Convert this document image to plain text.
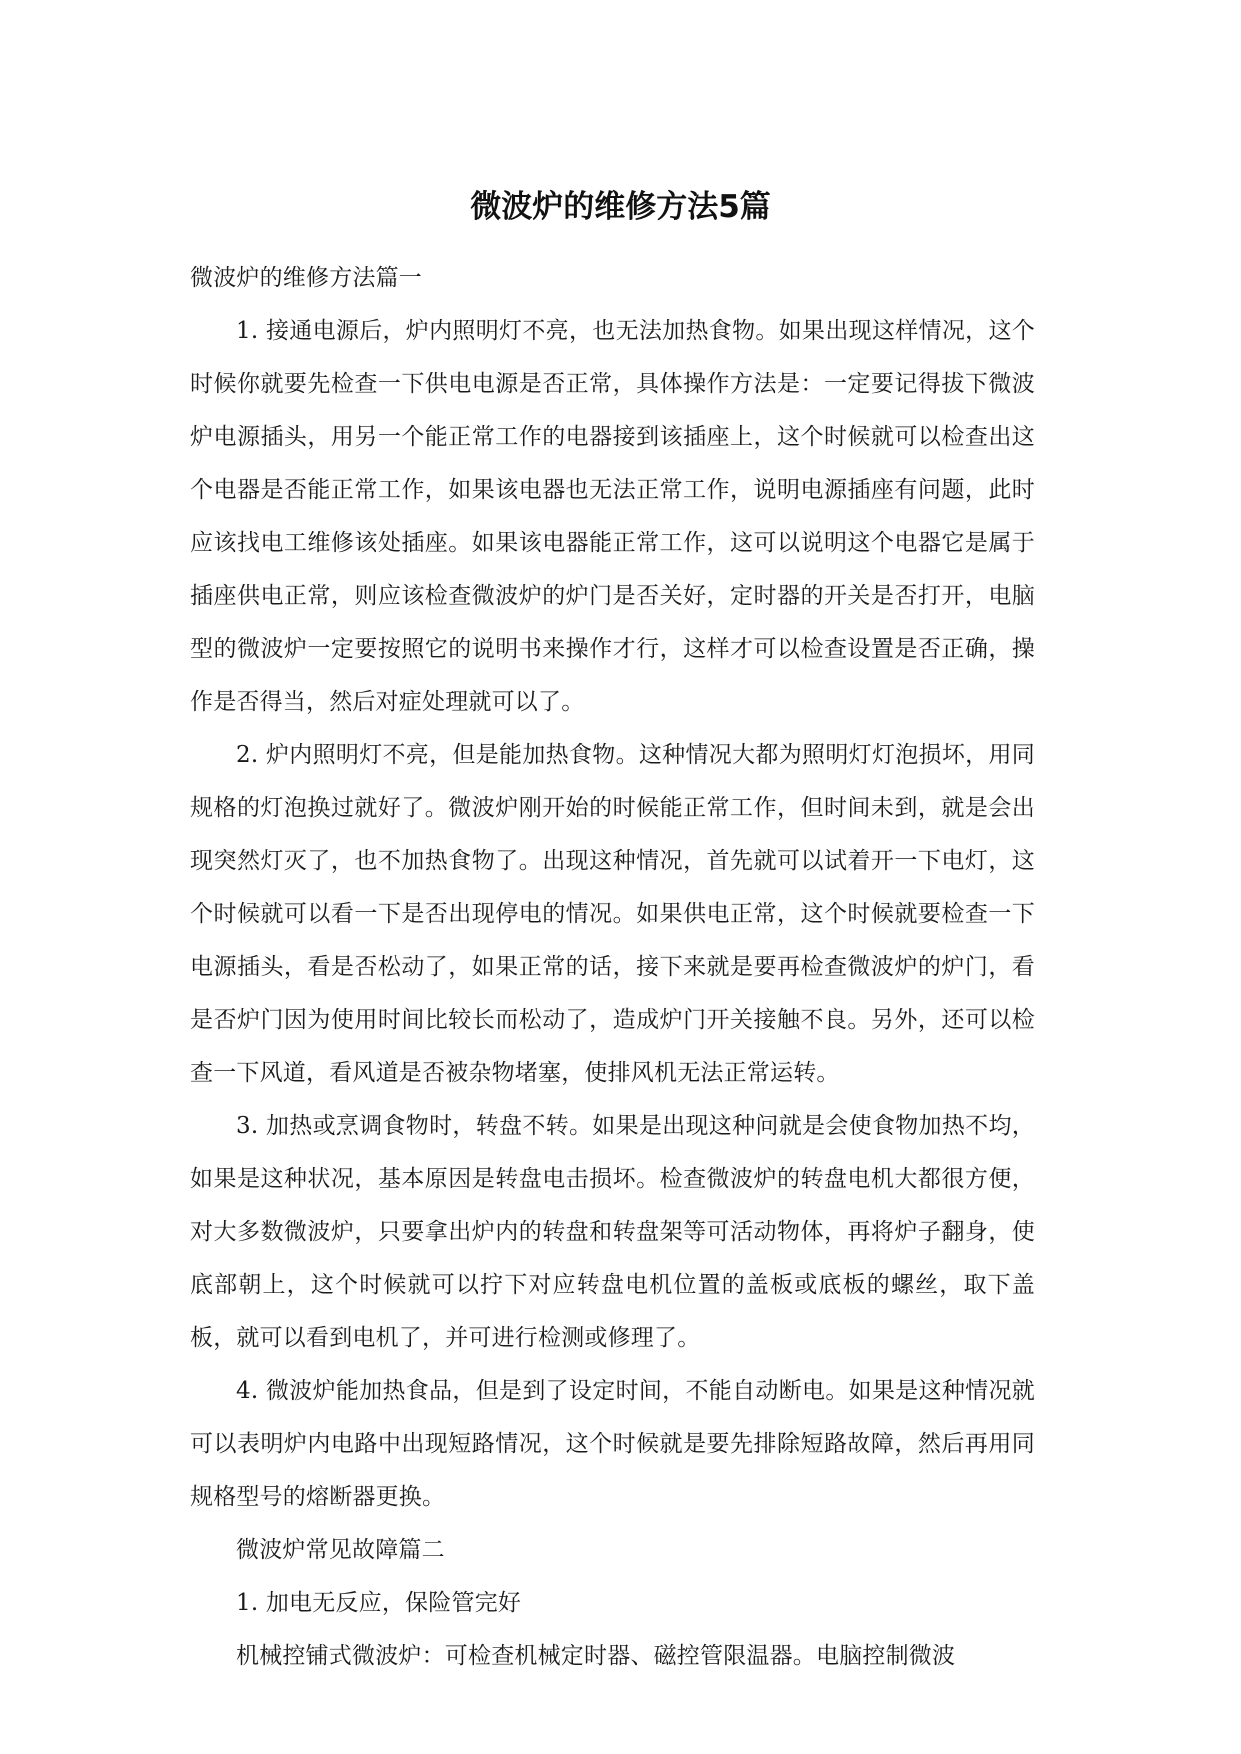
微波炉的维修方法5篇

微波炉的维修方法篇一

1. 接通电源后，炉内照明灯不亮，也无法加热食物。如果出现这样情况，这个时候你就要先检查一下供电电源是否正常，具体操作方法是：一定要记得拔下微波炉电源插头，用另一个能正常工作的电器接到该插座上，这个时候就可以检查出这个电器是否能正常工作，如果该电器也无法正常工作，说明电源插座有问题，此时应该找电工维修该处插座。如果该电器能正常工作，这可以说明这个电器它是属于插座供电正常，则应该检查微波炉的炉门是否关好，定时器的开关是否打开，电脑型的微波炉一定要按照它的说明书来操作才行，这样才可以检查设置是否正确，操作是否得当，然后对症处理就可以了。

2. 炉内照明灯不亮，但是能加热食物。这种情况大都为照明灯灯泡损坏，用同规格的灯泡换过就好了。微波炉刚开始的时候能正常工作，但时间未到，就是会出现突然灯灭了，也不加热食物了。出现这种情况，首先就可以试着开一下电灯，这个时候就可以看一下是否出现停电的情况。如果供电正常，这个时候就要检查一下电源插头，看是否松动了，如果正常的话，接下来就是要再检查微波炉的炉门，看是否炉门因为使用时间比较长而松动了，造成炉门开关接触不良。另外，还可以检查一下风道，看风道是否被杂物堵塞，使排风机无法正常运转。

3. 加热或烹调食物时，转盘不转。如果是出现这种问就是会使食物加热不均，如果是这种状况，基本原因是转盘电击损坏。检查微波炉的转盘电机大都很方便，对大多数微波炉，只要拿出炉内的转盘和转盘架等可活动物体，再将炉子翻身，使底部朝上，这个时候就可以拧下对应转盘电机位置的盖板或底板的螺丝，取下盖板，就可以看到电机了，并可进行检测或修理了。

4. 微波炉能加热食品，但是到了设定时间，不能自动断电。如果是这种情况就可以表明炉内电路中出现短路情况，这个时候就是要先排除短路故障，然后再用同规格型号的熔断器更换。

微波炉常见故障篇二

1. 加电无反应，保险管完好

机械控铺式微波炉：可检查机械定时器、磁控管限温器。电脑控制微波
